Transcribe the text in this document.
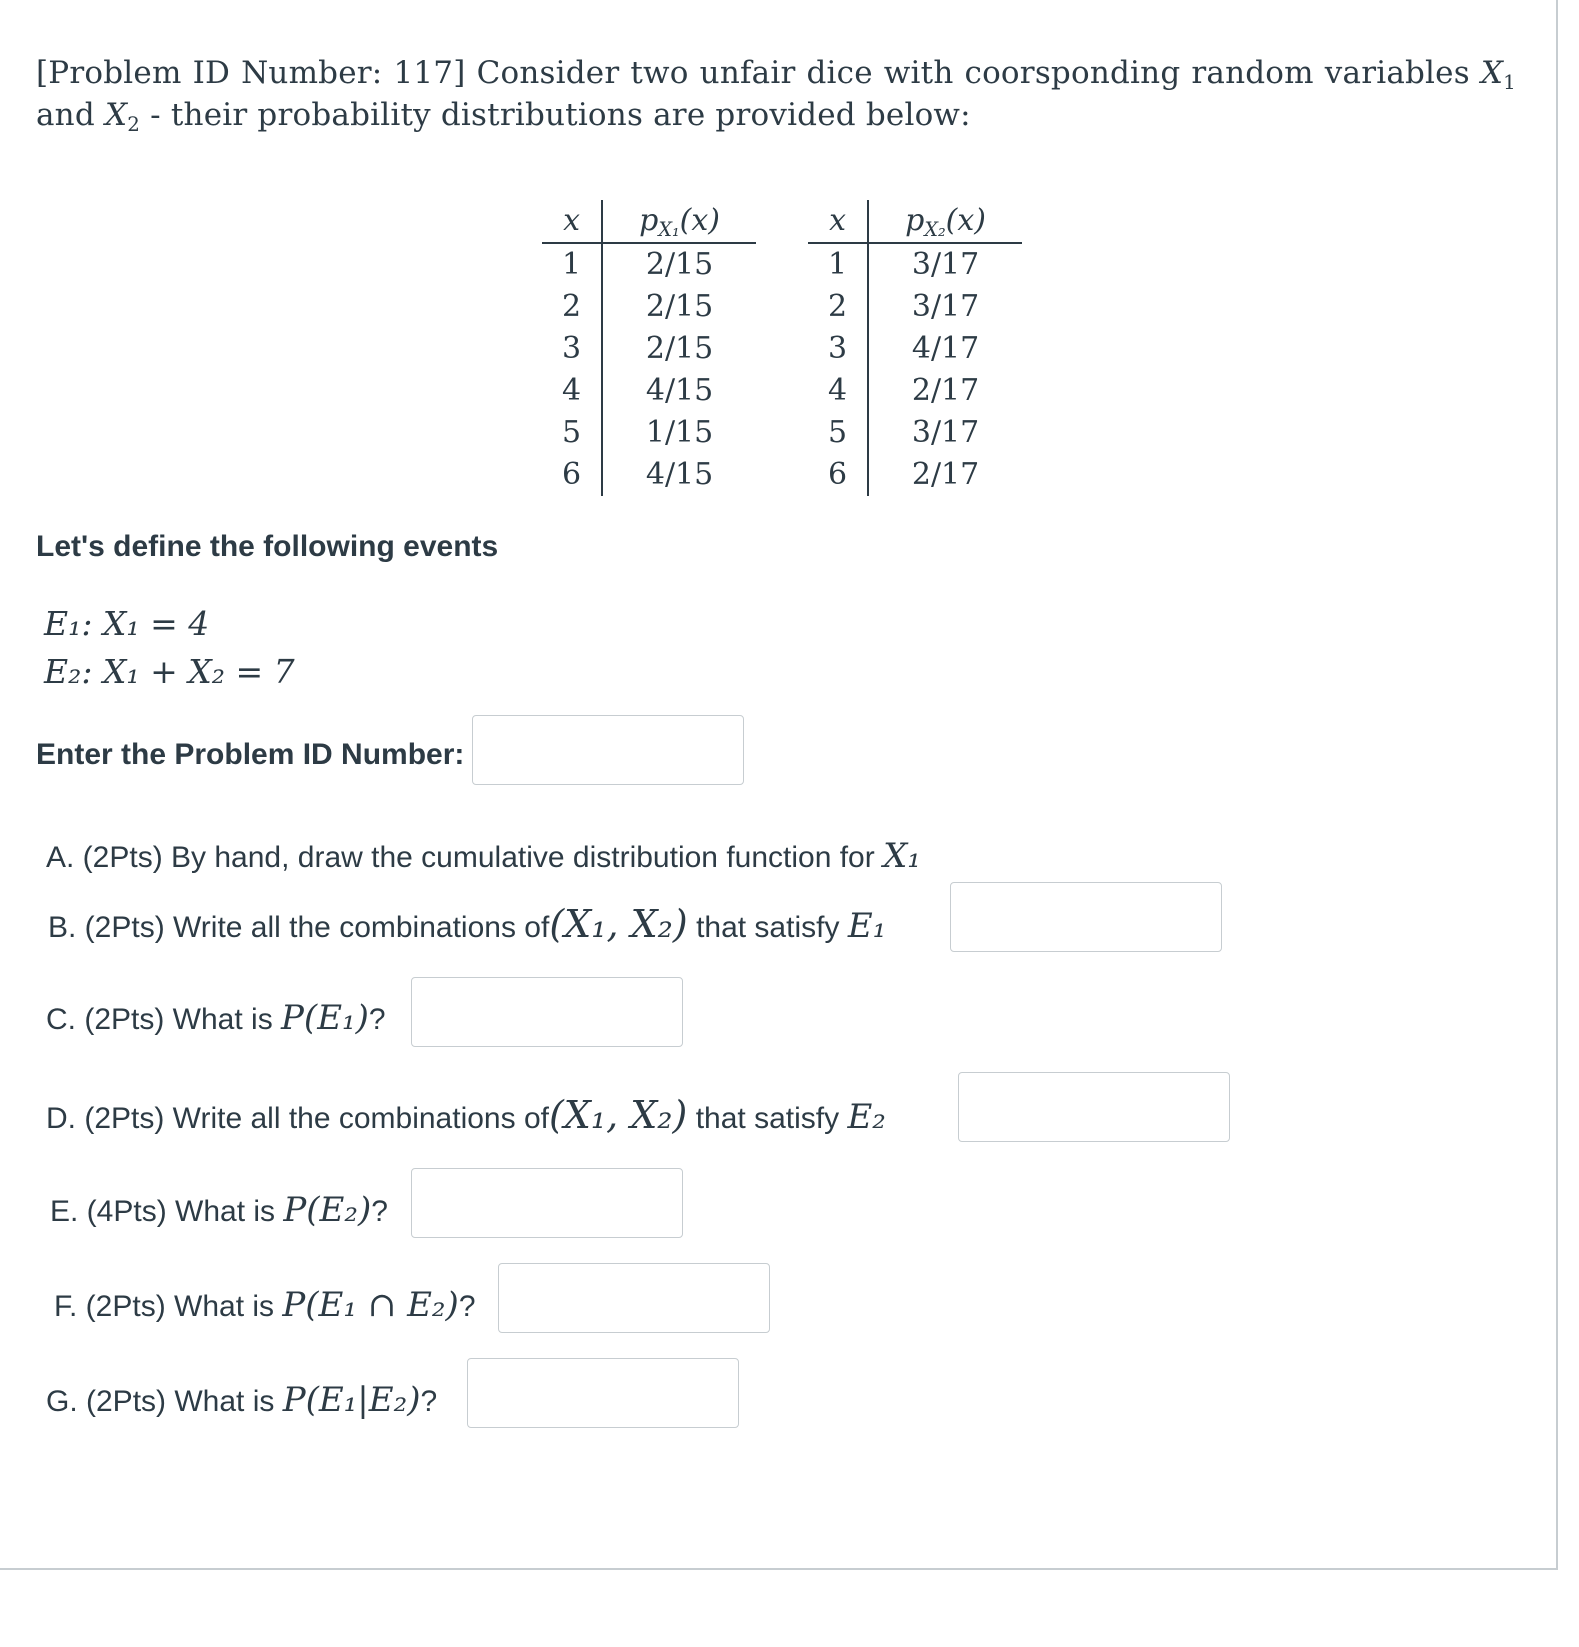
[Problem ID Number: 117] Consider two unfair dice with coorsponding random variables $X_1$ and $X_2$ - their probability distributions are provided below:
x	$p_{X_1}(x)$
1	2/15
2	2/15
3	2/15
4	4/15
5	1/15
6	4/15
x	$p_{X_2}(x)$
1	3/17
2	3/17
3	4/17
4	2/17
5	3/17
6	2/17
Let's define the following events
E₁: X₁ = 4
E₂: X₁ + X₂ = 7
Enter the Problem ID Number:
A. (2Pts) By hand, draw the cumulative distribution function for X₁
B. (2Pts) Write all the combinations of(X₁, X₂) that satisfy E₁
C. (2Pts) What is P(E₁)?
D. (2Pts) Write all the combinations of(X₁, X₂) that satisfy E₂
E. (4Pts) What is P(E₂)?
F. (2Pts) What is P(E₁ ∩ E₂)?
G. (2Pts) What is P(E₁|E₂)?
